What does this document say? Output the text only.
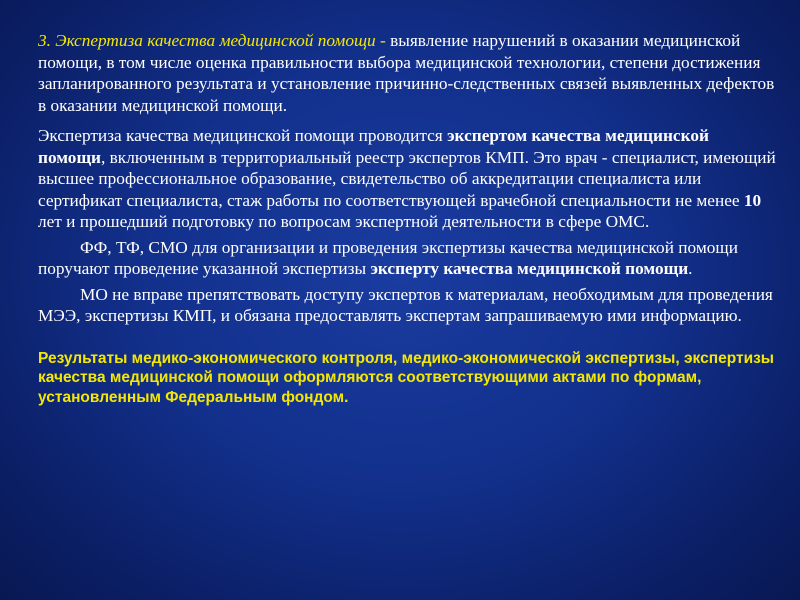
3. Экспертиза качества медицинской помощи - выявление нарушений в оказании медицинской помощи, в том числе оценка правильности выбора медицинской технологии, степени достижения запланированного результата и установление причинно-следственных связей выявленных дефектов в оказании медицинской помощи.

Экспертиза качества медицинской помощи проводится экспертом качества медицинской помощи, включенным в территориальный реестр экспертов КМП. Это врач - специалист, имеющий высшее профессиональное образование, свидетельство об аккредитации специалиста или сертификат специалиста, стаж работы по соответствующей врачебной специальности не менее 10 лет и прошедший подготовку по вопросам экспертной деятельности в сфере ОМС.

ФФ, ТФ, СМО для организации и проведения экспертизы качества медицинской помощи поручают проведение указанной экспертизы эксперту качества медицинской помощи.

МО не вправе препятствовать доступу экспертов к материалам, необходимым для проведения МЭЭ, экспертизы КМП, и обязана предоставлять экспертам запрашиваемую ими информацию.

Результаты медико-экономического контроля, медико-экономической экспертизы, экспертизы качества медицинской помощи оформляются соответствующими актами по формам, установленным Федеральным фондом.
